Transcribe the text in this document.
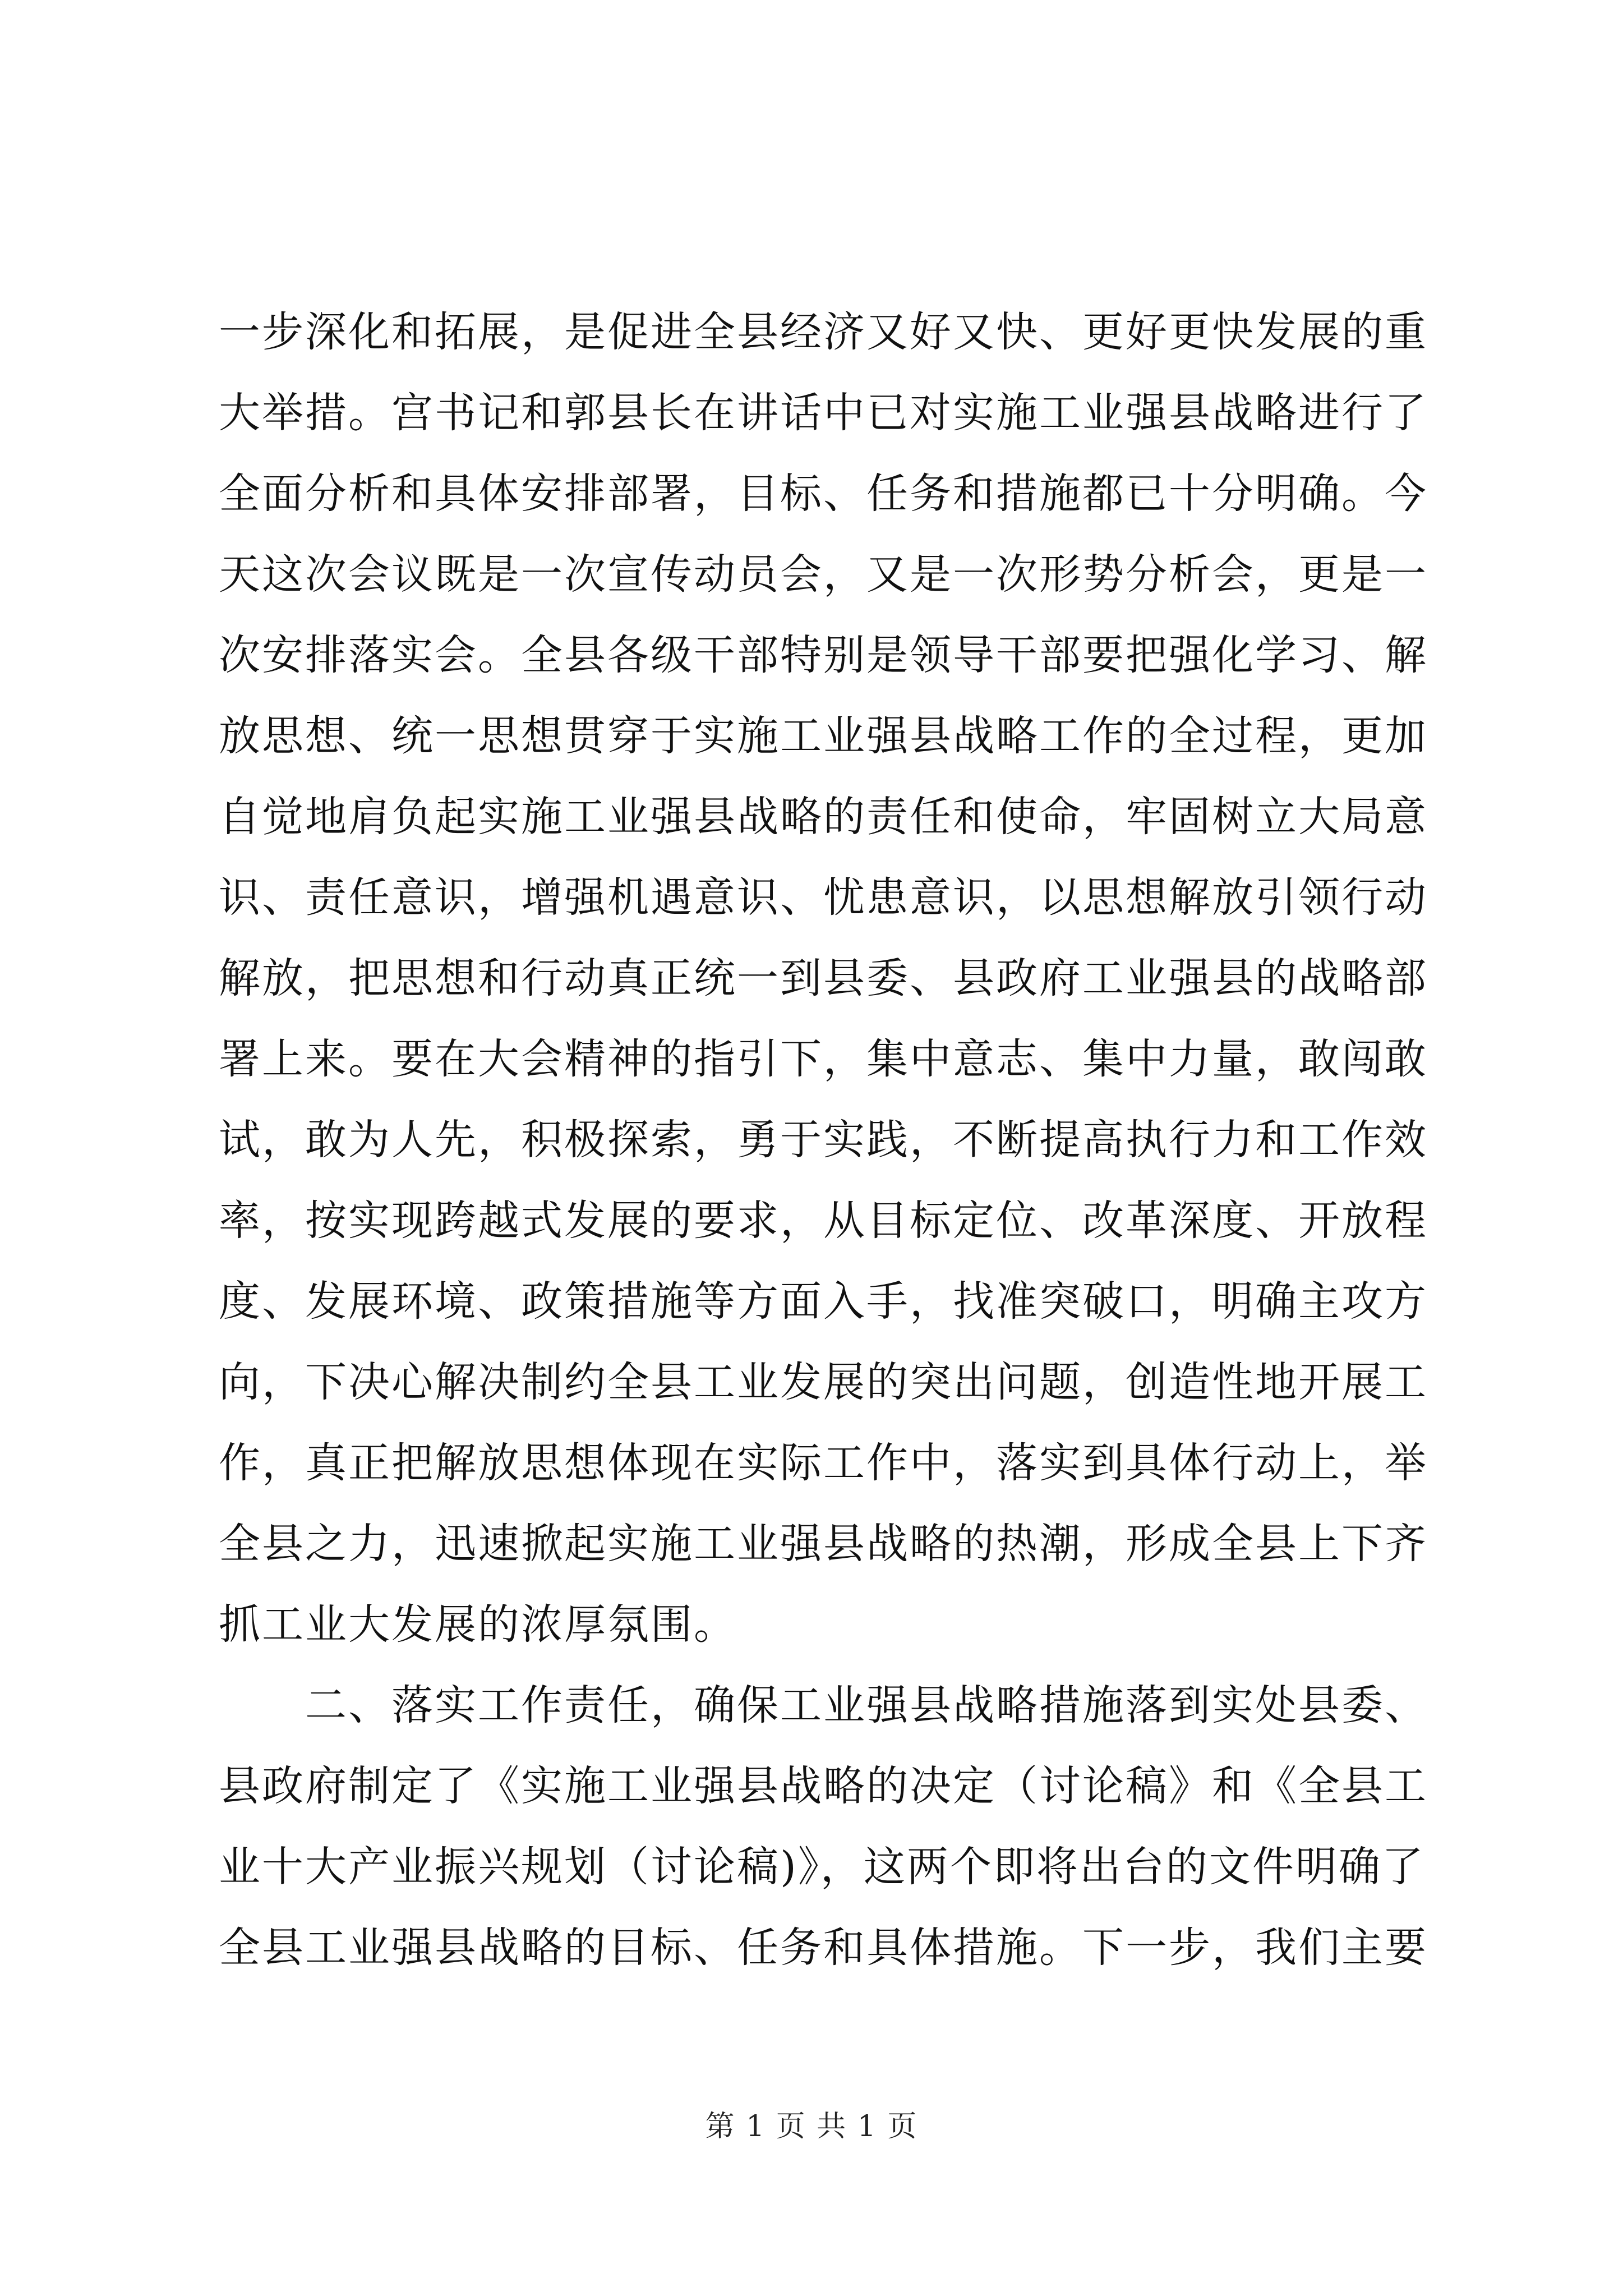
一步深化和拓展，是促进全县经济又好又快、更好更快发展的重
大举措。宫书记和郭县长在讲话中已对实施工业强县战略进行了
全面分析和具体安排部署，目标、任务和措施都已十分明确。今
天这次会议既是一次宣传动员会，又是一次形势分析会，更是一
次安排落实会。全县各级干部特别是领导干部要把强化学习、解
放思想、统一思想贯穿于实施工业强县战略工作的全过程，更加
自觉地肩负起实施工业强县战略的责任和使命，牢固树立大局意
识、责任意识，增强机遇意识、忧患意识，以思想解放引领行动
解放，把思想和行动真正统一到县委、县政府工业强县的战略部
署上来。要在大会精神的指引下，集中意志、集中力量，敢闯敢
试，敢为人先，积极探索，勇于实践，不断提高执行力和工作效
率，按实现跨越式发展的要求，从目标定位、改革深度、开放程
度、发展环境、政策措施等方面入手，找准突破口，明确主攻方
向，下决心解决制约全县工业发展的突出问题，创造性地开展工
作，真正把解放思想体现在实际工作中，落实到具体行动上，举
全县之力，迅速掀起实施工业强县战略的热潮，形成全县上下齐
抓工业大发展的浓厚氛围。
二、落实工作责任，确保工业强县战略措施落到实处县委、
县政府制定了《实施工业强县战略的决定（讨论稿》和《全县工
业十大产业振兴规划（讨论稿)》，这两个即将出台的文件明确了
全县工业强县战略的目标、任务和具体措施。下一步，我们主要
第 1 页 共 1 页
